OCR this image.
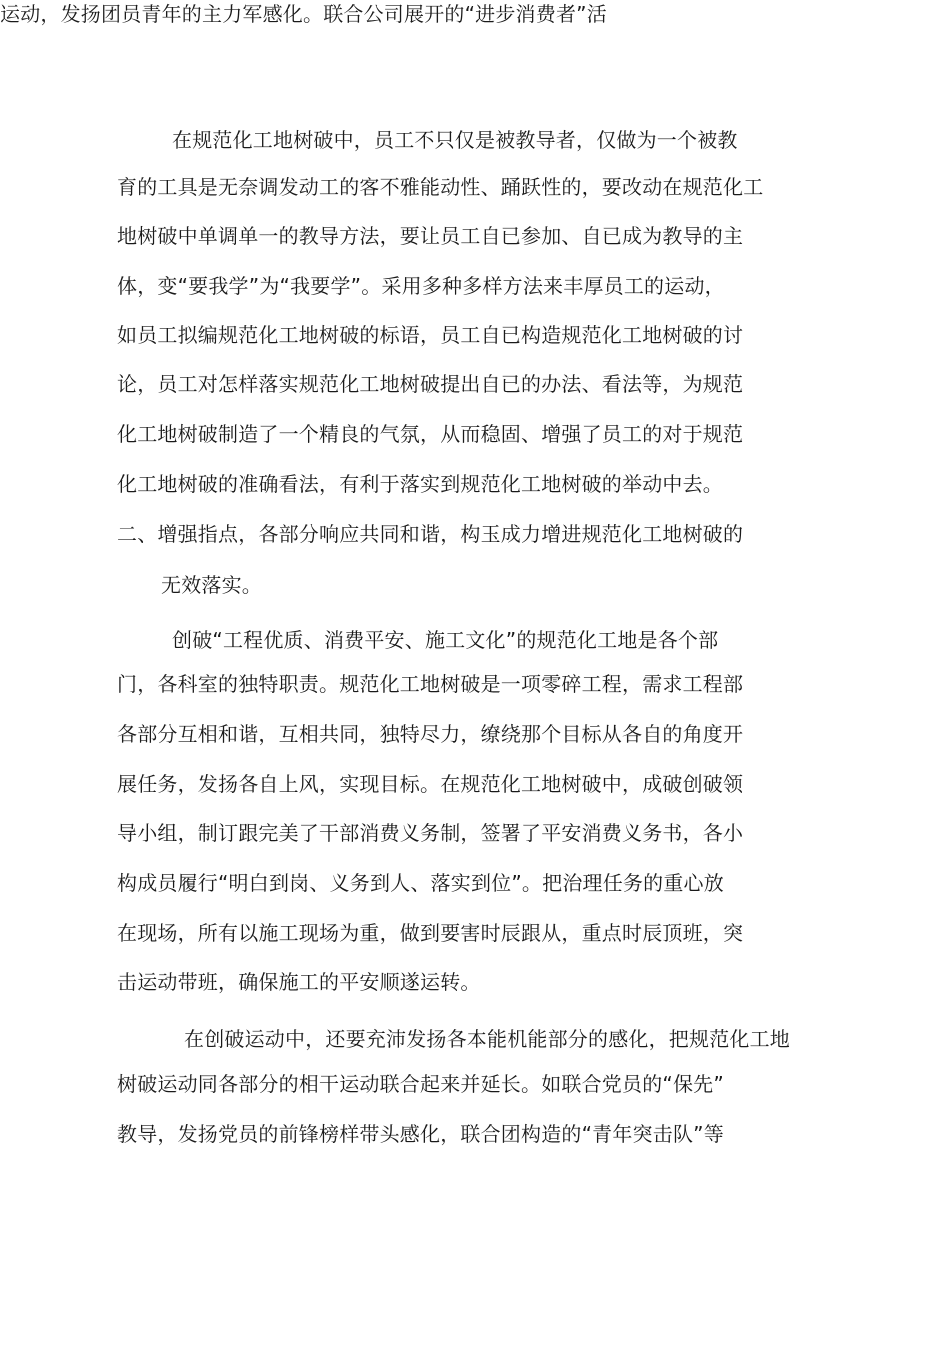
运动，发扬团员青年的主力军感化。联合公司展开的“进步消费者”活
在规范化工地树破中，员工不只仅是被教导者，仅做为一个被教
育的工具是无奈调发动工的客不雅能动性、踊跃性的，要改动在规范化工
地树破中单调单一的教导方法，要让员工自已参加、自已成为教导的主
体，变“要我学”为“我要学”。采用多种多样方法来丰厚员工的运动，
如员工拟编规范化工地树破的标语，员工自已构造规范化工地树破的讨
论，员工对怎样落实规范化工地树破提出自已的办法、看法等，为规范
化工地树破制造了一个精良的气氛，从而稳固、增强了员工的对于规范
化工地树破的准确看法，有利于落实到规范化工地树破的举动中去。
二、增强指点，各部分响应共同和谐，构玉成力增进规范化工地树破的
无效落实。
创破“工程优质、消费平安、施工文化”的规范化工地是各个部
门，各科室的独特职责。规范化工地树破是一项零碎工程，需求工程部
各部分互相和谐，互相共同，独特尽力，缭绕那个目标从各自的角度开
展任务，发扬各自上风，实现目标。在规范化工地树破中，成破创破领
导小组，制订跟完美了干部消费义务制，签署了平安消费义务书，各小
构成员履行“明白到岗、义务到人、落实到位”。把治理任务的重心放
在现场，所有以施工现场为重，做到要害时辰跟从，重点时辰顶班，突
击运动带班，确保施工的平安顺遂运转。
在创破运动中，还要充沛发扬各本能机能部分的感化，把规范化工地
树破运动同各部分的相干运动联合起来并延长。如联合党员的“保先”
教导，发扬党员的前锋榜样带头感化，联合团构造的“青年突击队”等
